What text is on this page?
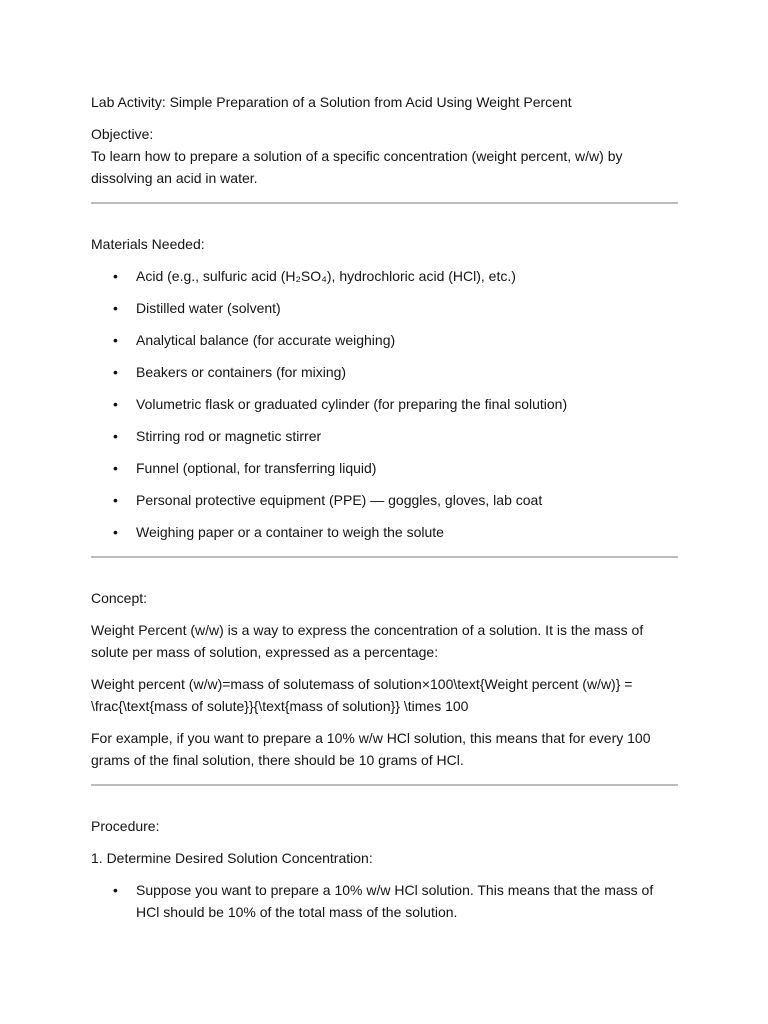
Lab Activity: Simple Preparation of a Solution from Acid Using Weight Percent

Objective:

To learn how to prepare a solution of a specific concentration (weight percent, w/w) by dissolving an acid in water.

Materials Needed:

• Acid (e.g., sulfuric acid (H₂SO₄), hydrochloric acid (HCl), etc.)
• Distilled water (solvent)
• Analytical balance (for accurate weighing)
• Beakers or containers (for mixing)
• Volumetric flask or graduated cylinder (for preparing the final solution)
• Stirring rod or magnetic stirrer
• Funnel (optional, for transferring liquid)
• Personal protective equipment (PPE) — goggles, gloves, lab coat
• Weighing paper or a container to weigh the solute

Concept:

Weight Percent (w/w) is a way to express the concentration of a solution. It is the mass of solute per mass of solution, expressed as a percentage:

Weight percent (w/w)=mass of solutemass of solution×100\text{Weight percent (w/w)} = \frac{\text{mass of solute}}{\text{mass of solution}} \times 100

For example, if you want to prepare a 10% w/w HCl solution, this means that for every 100 grams of the final solution, there should be 10 grams of HCl.

Procedure:

1. Determine Desired Solution Concentration:

• Suppose you want to prepare a 10% w/w HCl solution. This means that the mass of HCl should be 10% of the total mass of the solution.
